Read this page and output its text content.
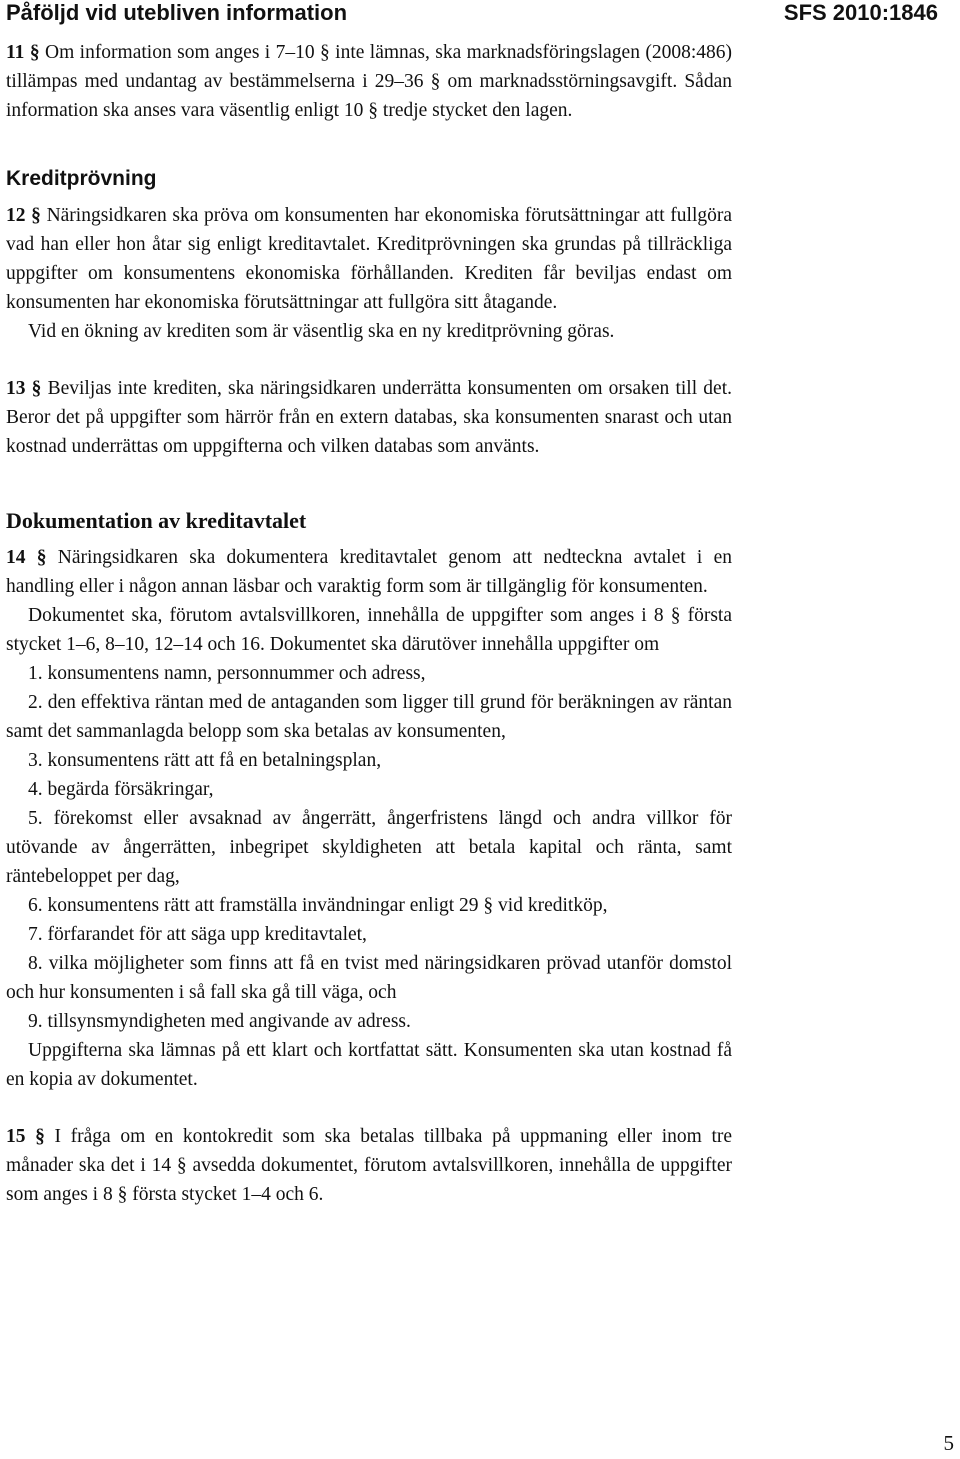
Påföljd vid utebliven information	SFS 2010:1846

11 § Om information som anges i 7–10 § inte lämnas, ska marknadsföringslagen (2008:486) tillämpas med undantag av bestämmelserna i 29–36 § om marknadsstörningsavgift. Sådan information ska anses vara väsentlig enligt 10 § tredje stycket den lagen.

Kreditprövning

12 § Näringsidkaren ska pröva om konsumenten har ekonomiska förutsättningar att fullgöra vad han eller hon åtar sig enligt kreditavtalet. Kreditprövningen ska grundas på tillräckliga uppgifter om konsumentens ekonomiska förhållanden. Krediten får beviljas endast om konsumenten har ekonomiska förutsättningar att fullgöra sitt åtagande.

Vid en ökning av krediten som är väsentlig ska en ny kreditprövning göras.

13 § Beviljas inte krediten, ska näringsidkaren underrätta konsumenten om orsaken till det. Beror det på uppgifter som härrör från en extern databas, ska konsumenten snarast och utan kostnad underrättas om uppgifterna och vilken databas som använts.

Dokumentation av kreditavtalet

14 § Näringsidkaren ska dokumentera kreditavtalet genom att nedteckna avtalet i en handling eller i någon annan läsbar och varaktig form som är tillgänglig för konsumenten.

Dokumentet ska, förutom avtalsvillkoren, innehålla de uppgifter som anges i 8 § första stycket 1–6, 8–10, 12–14 och 16. Dokumentet ska därutöver innehålla uppgifter om

1. konsumentens namn, personnummer och adress,

2. den effektiva räntan med de antaganden som ligger till grund för beräkningen av räntan samt det sammanlagda belopp som ska betalas av konsumenten,

3. konsumentens rätt att få en betalningsplan,

4. begärda försäkringar,

5. förekomst eller avsaknad av ångerrätt, ångerfristens längd och andra villkor för utövande av ångerrätten, inbegripet skyldigheten att betala kapital och ränta, samt räntebeloppet per dag,

6. konsumentens rätt att framställa invändningar enligt 29 § vid kreditköp,

7. förfarandet för att säga upp kreditavtalet,

8. vilka möjligheter som finns att få en tvist med näringsidkaren prövad utanför domstol och hur konsumenten i så fall ska gå till väga, och

9. tillsynsmyndigheten med angivande av adress.

Uppgifterna ska lämnas på ett klart och kortfattat sätt. Konsumenten ska utan kostnad få en kopia av dokumentet.

15 § I fråga om en kontokredit som ska betalas tillbaka på uppmaning eller inom tre månader ska det i 14 § avsedda dokumentet, förutom avtalsvillkoren, innehålla de uppgifter som anges i 8 § första stycket 1–4 och 6.

5
